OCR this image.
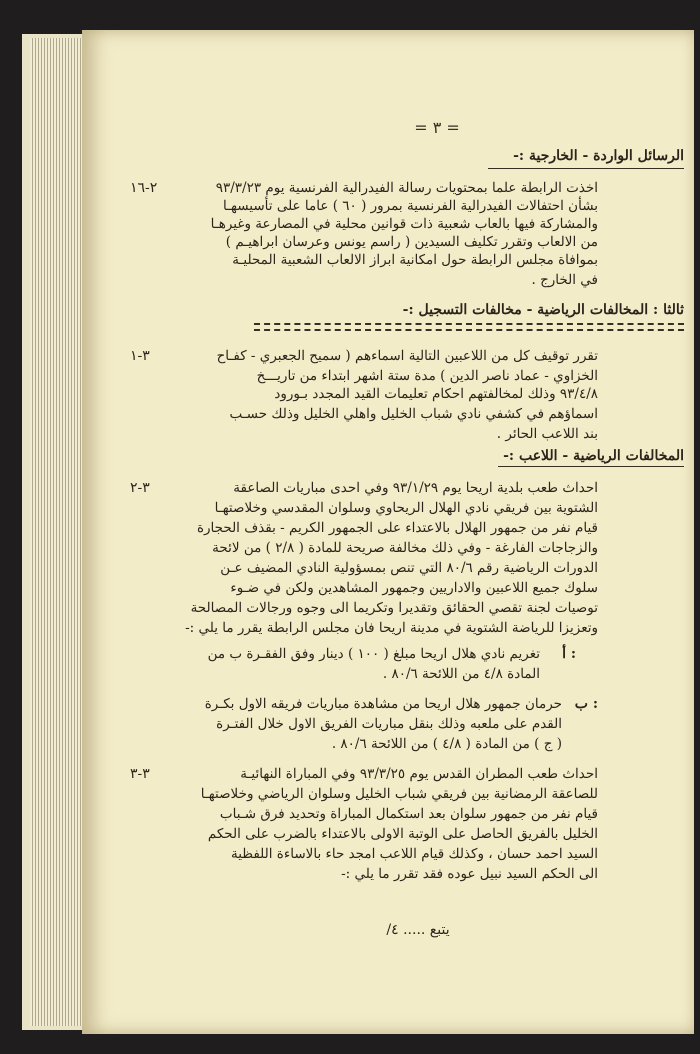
= ٣ =
الرسائل الواردة - الخارجية :-
٢-١٦	اخذت الرابطة علما بمحتويات رسالة الفيدرالية الفرنسية يوم ٩٣/٣/٢٣
بشأن احتفالات الفيدرالية الفرنسية بمرور ( ٦٠ ) عاما على تأسيسهـا
والمشاركة فيها بالعاب شعبية ذات قوانين محلية في المصارعة وغيرهـا
من الالعاب وتقرر تكليف السيدين ( راسم يونس وعرسان ابراهيـم )
بموافاة مجلس الرابطة حول امكانية ابراز الالعاب الشعبية المحليـة
في الخارج .
ثالثا : المخالفات الرياضية - مخالفات التسجيل :-
٣-١	تقرر توقيف كل من اللاعبين التالية اسماءهم ( سميح الجعبري - كفـاح
الخزاوي - عماد ناصر الدين ) مدة ستة اشهر ابتداء من تاريـــخ
٩٣/٤/٨ وذلك لمخالفتهم احكام تعليمات القيد المجدد بـورود
اسماؤهم في كشفي نادي شباب الخليل واهلي الخليل وذلك حسـب
بند اللاعب الحائر .
المخالفات الرياضية - اللاعب :-
٣-٢	احداث طعب بلدية اريحا يوم ٩٣/١/٢٩ وفي احدى مباريات الصاعقة
الشتوية بين فريقي نادي الهلال الريحاوي وسلوان المقدسي وخلاصتهـا
قيام نفر من جمهور الهلال بالاعتداء على الجمهور الكريم - بقذف الحجارة
والزجاجات الفارغة - وفي ذلك مخالفة صريحة للمادة ( ٢/٨ ) من لائحة
الدورات الرياضية رقم ٨٠/٦ التي تنص بمسؤولية النادي المضيف عـن
سلوك جميع اللاعبين والاداريين وجمهور المشاهدين ولكن في ضـوء
توصيات لجنة تقصي الحقائق وتقديرا وتكريما الى وجوه ورجالات المصالحة
وتعزيزا للرياضة الشتوية في مدينة اريحا فان مجلس الرابطة يقرر ما يلي :-
أ :
تغريم نادي هلال اريحا مبلغ ( ١٠٠ ) دينار وفق الفقـرة ب من
المادة ٤/٨ من اللائحة ٨٠/٦ .
ب :
حرمان جمهور هلال اريحا من مشاهدة مباريات فريقه الاول بكـرة
القدم على ملعبه وذلك بنقل مباريات الفريق الاول خلال الفتـرة
( ج ) من المادة ( ٤/٨ ) من اللائحة ٨٠/٦ .
٣-٣	احداث طعب المطران القدس يوم ٩٣/٣/٢٥ وفي المباراة النهائيـة
للصاعقة الرمضانية بين فريقي شباب الخليل وسلوان الرياضي وخلاصتهـا
قيام نفر من جمهور سلوان بعد استكمال المباراة وتحديد فرق شـباب
الخليل بالفريق الحاصل على الوتبة الاولى بالاعتداء بالضرب على الحكم
السيد احمد حسان ، وكذلك قيام اللاعب امجد حاء بالاساءة اللفظية
الى الحكم السيد نبيل عوده فقد تقرر ما يلي :-
يتبع ..... ٤/
